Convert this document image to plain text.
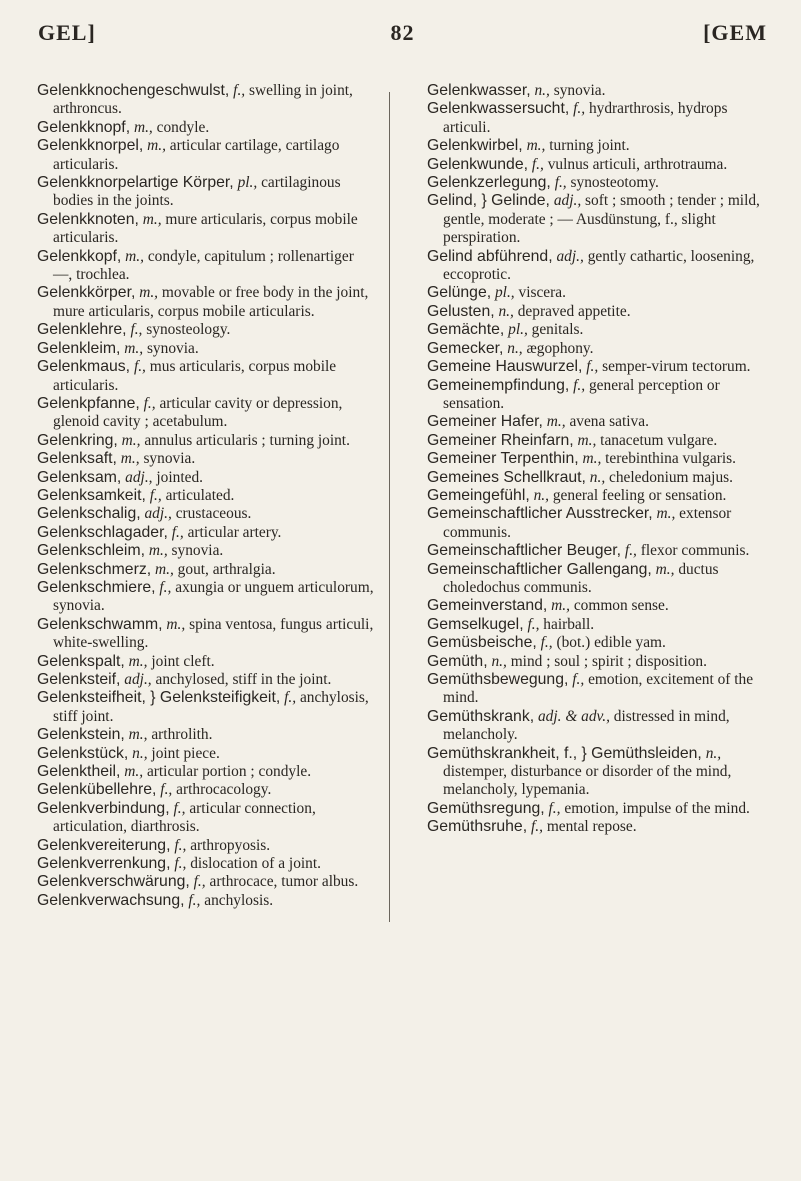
GEL]	82	[GEM

Gelenkknochengeschwulst, f., swelling in joint, arthroncus.

Gelenkknopf, m., condyle.

Gelenkknorpel, m., articular cartilage, cartilago articularis.

Gelenkknorpelartige Körper, pl., cartilaginous bodies in the joints.

Gelenkknoten, m., mure articularis, corpus mobile articularis.

Gelenkkopf, m., condyle, capitulum ; rollenartiger —, trochlea.

Gelenkkörper, m., movable or free body in the joint, mure articularis, corpus mobile articularis.

Gelenklehre, f., synosteology.

Gelenkleim, m., synovia.

Gelenkmaus, f., mus articularis, corpus mobile articularis.

Gelenkpfanne, f., articular cavity or depression, glenoid cavity ; acetabulum.

Gelenkring, m., annulus articularis ; turning joint.

Gelenksaft, m., synovia.

Gelenksam, adj., jointed.

Gelenksamkeit, f., articulated.

Gelenkschalig, adj., crustaceous.

Gelenkschlagader, f., articular artery.

Gelenkschleim, m., synovia.

Gelenkschmerz, m., gout, arthralgia.

Gelenkschmiere, f., axungia or unguem articulorum, synovia.

Gelenkschwamm, m., spina ventosa, fungus articuli, white-swelling.

Gelenkspalt, m., joint cleft.

Gelenksteif, adj., anchylosed, stiff in the joint.

Gelenksteifheit, } Gelenksteifigkeit, f., anchylosis, stiff joint.

Gelenkstein, m., arthrolith.

Gelenkstück, n., joint piece.

Gelenktheil, m., articular portion ; condyle.

Gelenkübellehre, f., arthrocacology.

Gelenkverbindung, f., articular connection, articulation, diarthrosis.

Gelenkvereiterung, f., arthropyosis.

Gelenkverrenkung, f., dislocation of a joint.

Gelenkverschwärung, f., arthrocace, tumor albus.

Gelenkverwachsung, f., anchylosis.

Gelenkwasser, n., synovia.

Gelenkwassersucht, f., hydrarthrosis, hydrops articuli.

Gelenkwirbel, m., turning joint.

Gelenkwunde, f., vulnus articuli, arthrotrauma.

Gelenkzerlegung, f., synosteotomy.

Gelind, } Gelinde, adj., soft ; smooth ; tender ; mild, gentle, moderate ; — Ausdünstung, f., slight perspiration.

Gelind abführend, adj., gently cathartic, loosening, eccoprotic.

Gelünge, pl., viscera.

Gelusten, n., depraved appetite.

Gemächte, pl., genitals.

Gemecker, n., ægophony.

Gemeine Hauswurzel, f., semper-virum tectorum.

Gemeinempfindung, f., general perception or sensation.

Gemeiner Hafer, m., avena sativa.

Gemeiner Rheinfarn, m., tanacetum vulgare.

Gemeiner Terpenthin, m., terebinthina vulgaris.

Gemeines Schellkraut, n., cheledonium majus.

Gemeingefühl, n., general feeling or sensation.

Gemeinschaftlicher Ausstrecker, m., extensor communis.

Gemeinschaftlicher Beuger, f., flexor communis.

Gemeinschaftlicher Gallengang, m., ductus choledochus communis.

Gemeinverstand, m., common sense.

Gemselkugel, f., hairball.

Gemüsbeische, f., (bot.) edible yam.

Gemüth, n., mind ; soul ; spirit ; disposition.

Gemüthsbewegung, f., emotion, excitement of the mind.

Gemüthskrank, adj. & adv., distressed in mind, melancholy.

Gemüthskrankheit, f., } Gemüthsleiden, n., distemper, disturbance or disorder of the mind, melancholy, lypemania.

Gemüthsregung, f., emotion, impulse of the mind.

Gemüthsruhe, f., mental repose.
